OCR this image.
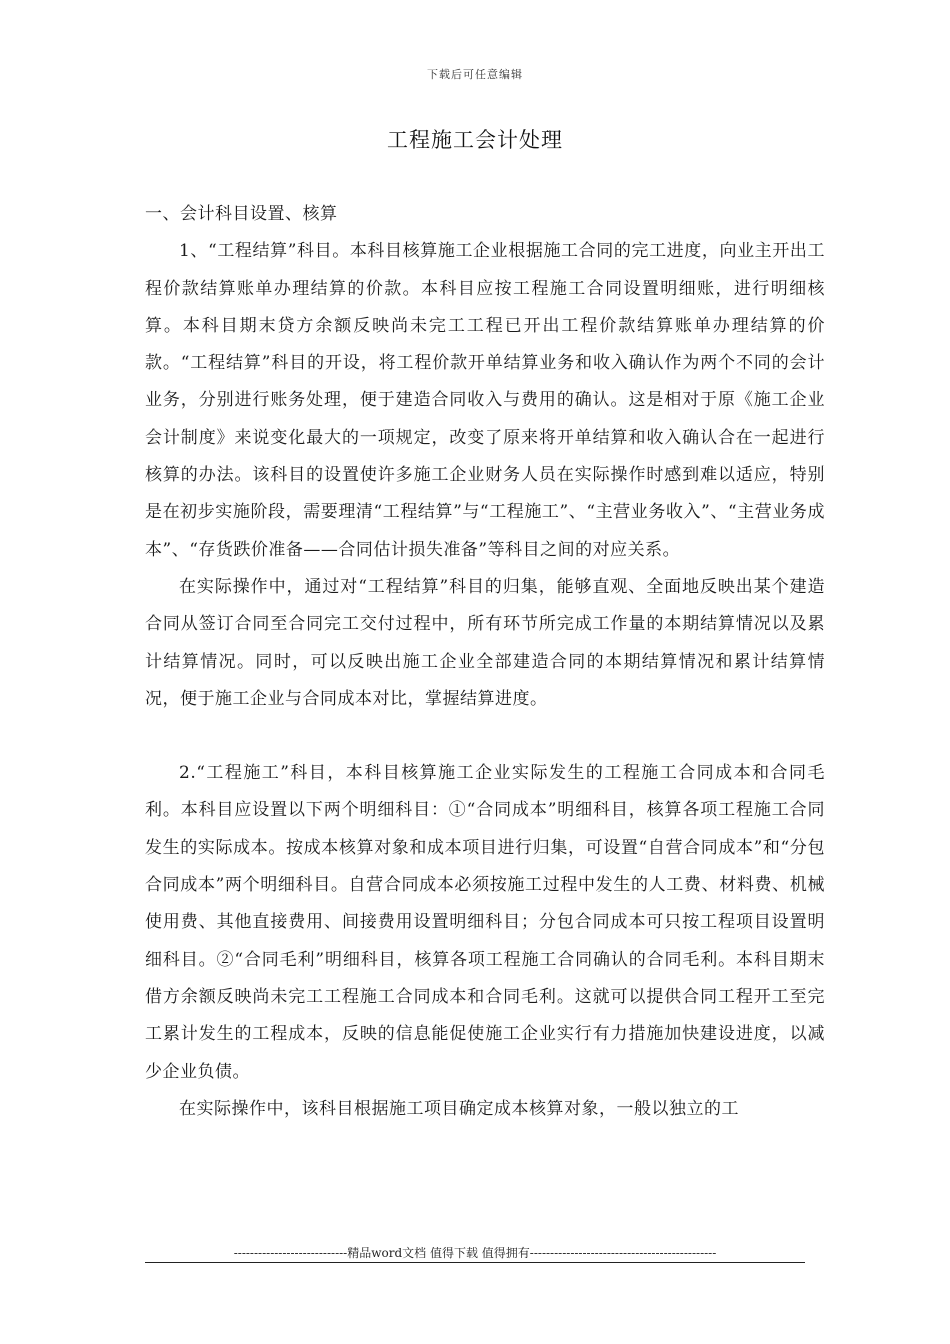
下载后可任意编辑
工程施工会计处理

一、会计科目设置、核算

1、“工程结算”科目。本科目核算施工企业根据施工合同的完工进度，向业主开出工程价款结算账单办理结算的价款。本科目应按工程施工合同设置明细账，进行明细核算。本科目期末贷方余额反映尚未完工工程已开出工程价款结算账单办理结算的价款。“工程结算”科目的开设，将工程价款开单结算业务和收入确认作为两个不同的会计业务，分别进行账务处理，便于建造合同收入与费用的确认。这是相对于原《施工企业会计制度》来说变化最大的一项规定，改变了原来将开单结算和收入确认合在一起进行核算的办法。该科目的设置使许多施工企业财务人员在实际操作时感到难以适应，特别是在初步实施阶段，需要理清“工程结算”与“工程施工”、“主营业务收入”、“主营业务成本”、“存货跌价准备——合同估计损失准备”等科目之间的对应关系。

在实际操作中，通过对“工程结算”科目的归集，能够直观、全面地反映出某个建造合同从签订合同至合同完工交付过程中，所有环节所完成工作量的本期结算情况以及累计结算情况。同时，可以反映出施工企业全部建造合同的本期结算情况和累计结算情况，便于施工企业与合同成本对比，掌握结算进度。

2.“工程施工”科目，本科目核算施工企业实际发生的工程施工合同成本和合同毛利。本科目应设置以下两个明细科目：①“合同成本”明细科目，核算各项工程施工合同发生的实际成本。按成本核算对象和成本项目进行归集，可设置“自营合同成本”和“分包合同成本”两个明细科目。自营合同成本必须按施工过程中发生的人工费、材料费、机械使用费、其他直接费用、间接费用设置明细科目；分包合同成本可只按工程项目设置明细科目。②“合同毛利”明细科目，核算各项工程施工合同确认的合同毛利。本科目期末借方余额反映尚未完工工程施工合同成本和合同毛利。这就可以提供合同工程开工至完工累计发生的工程成本，反映的信息能促使施工企业实行有力措施加快建设进度，以减少企业负债。

在实际操作中，该科目根据施工项目确定成本核算对象，一般以独立的工

----------------------------精品word文档 值得下载 值得拥有----------------------------------------------
